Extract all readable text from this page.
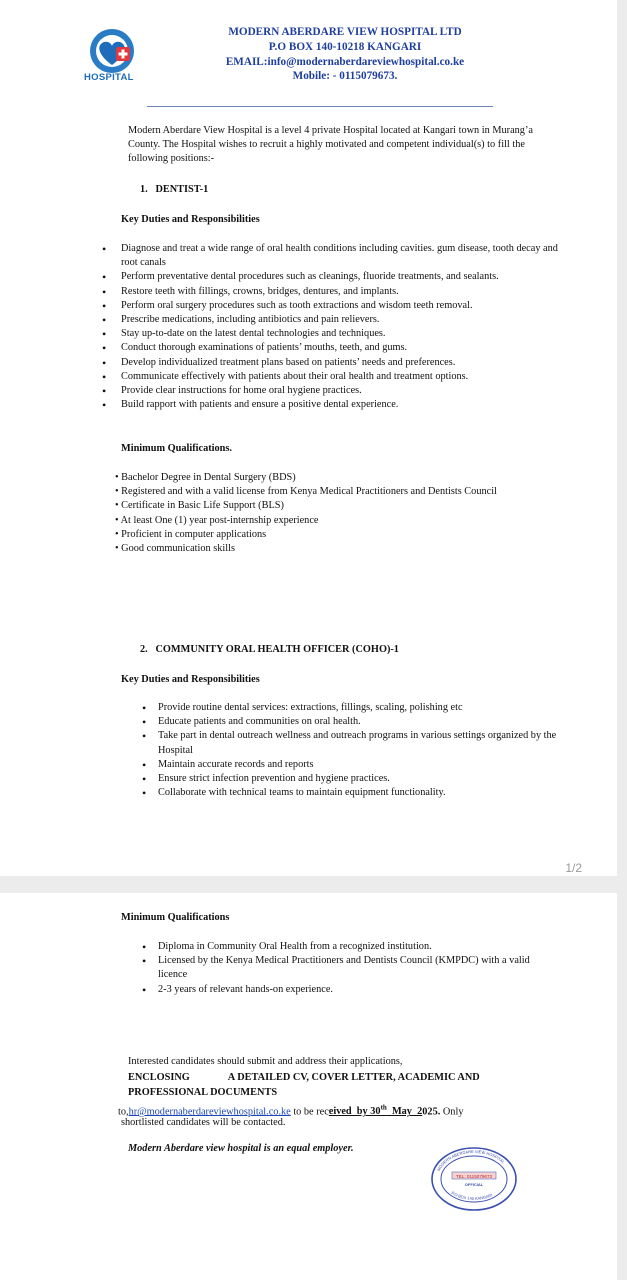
HOSPITAL
MODERN ABERDARE VIEW HOSPITAL LTD
P.O BOX 140-10218 KANGARI
EMAIL:info@modernaberdareviewhospital.co.ke
Mobile: - 0115079673.
Modern Aberdare View Hospital is a level 4 private Hospital located at Kangari town in Murang’a County. The Hospital wishes to recruit a highly motivated and competent individual(s) to fill the following positions:-
1.   DENTIST-1
Key Duties and Responsibilities
• Diagnose and treat a wide range of oral health conditions including cavities. gum disease, tooth decay and root canals
• Perform preventative dental procedures such as cleanings, fluoride treatments, and sealants.
• Restore teeth with fillings, crowns, bridges, dentures, and implants.
• Perform oral surgery procedures such as tooth extractions and wisdom teeth removal.
• Prescribe medications, including antibiotics and pain relievers.
• Stay up-to-date on the latest dental technologies and techniques.
• Conduct thorough examinations of patients’ mouths, teeth, and gums.
• Develop individualized treatment plans based on patients’ needs and preferences.
• Communicate effectively with patients about their oral health and treatment options.
• Provide clear instructions for home oral hygiene practices.
• Build rapport with patients and ensure a positive dental experience.
Minimum Qualifications.
• Bachelor Degree in Dental Surgery (BDS)
• Registered and with a valid license from Kenya Medical Practitioners and Dentists Council
• Certificate in Basic Life Support (BLS)
• At least One (1) year post-internship experience
• Proficient in computer applications
• Good communication skills
2.   COMMUNITY ORAL HEALTH OFFICER (COHO)-1
Key Duties and Responsibilities
• Provide routine dental services: extractions, fillings, scaling, polishing etc
• Educate patients and communities on oral health.
• Take part in dental outreach wellness and outreach programs in various settings organized by the Hospital
• Maintain accurate records and reports
• Ensure strict infection prevention and hygiene practices.
• Collaborate with technical teams to maintain equipment functionality.
1/2
Minimum Qualifications
• Diploma in Community Oral Health from a recognized institution.
• Licensed by the Kenya Medical Practitioners and Dentists Council (KMPDC) with a valid licence
• 2-3 years of relevant hands-on experience.
Interested candidates should submit and address their applications,
ENCLOSING	A DETAILED CV, COVER LETTER, ACADEMIC AND
PROFESSIONAL DOCUMENTS
to,hr@modernaberdareviewhospital.co.ke to be received  by 30th  May  2025. Only
shortlisted candidates will be contacted.
Modern Aberdare view hospital is an equal employer.
TEL: 0115079673
OFFICIAL
MODERN ABERDARE VIEW HOSPITAL
P.O BOX 140 KANGARI
